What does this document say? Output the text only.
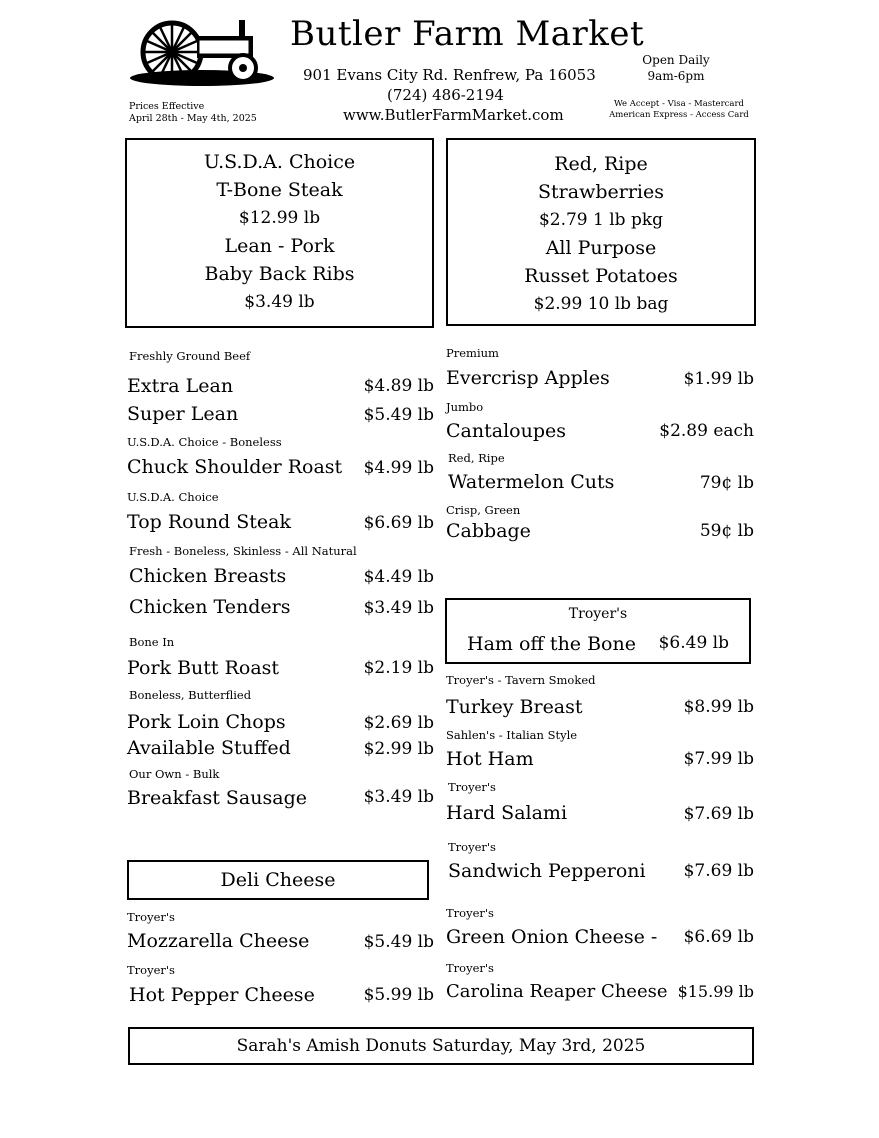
Butler Farm Market
901 Evans City Rd. Renfrew, Pa 16053
(724) 486-2194
www.ButlerFarmMarket.com
Open Daily
9am-6pm
We Accept - Visa - Mastercard
American Express - Access Card
Prices Effective
April 28th - May 4th, 2025
U.S.D.A. Choice
T-Bone Steak
$12.99 lb
Lean - Pork
Baby Back Ribs
$3.49 lb
Red, Ripe
Strawberries
$2.79 1 lb pkg
All Purpose
Russet Potatoes
$2.99 10 lb bag
Freshly Ground Beef
Extra Lean	$4.89 lb
Super Lean	$5.49 lb
U.S.D.A. Choice - Boneless
Chuck Shoulder Roast	$4.99 lb
U.S.D.A. Choice
Top Round Steak	$6.69 lb
Fresh - Boneless, Skinless - All Natural
Chicken Breasts	$4.49 lb
Chicken Tenders	$3.49 lb
Bone In
Pork Butt Roast	$2.19 lb
Boneless, Butterflied
Pork Loin Chops	$2.69 lb
Available Stuffed	$2.99 lb
Our Own - Bulk
Breakfast Sausage	$3.49 lb
Premium
Evercrisp Apples	$1.99 lb
Jumbo
Cantaloupes	$2.89 each
Red, Ripe
Watermelon Cuts	79¢ lb
Crisp, Green
Cabbage	59¢ lb
Troyer's
Ham off the Bone	$6.49 lb
Troyer's - Tavern Smoked
Turkey Breast	$8.99 lb
Sahlen's - Italian Style
Hot Ham	$7.99 lb
Troyer's
Hard Salami	$7.69 lb
Troyer's
Sandwich Pepperoni	$7.69 lb
Troyer's
Green Onion Cheese -	$6.69 lb
Troyer's
Carolina Reaper Cheese $15.99 lb
Deli Cheese
Troyer's
Mozzarella Cheese	$5.49 lb
Troyer's
Hot Pepper Cheese	$5.99 lb
Sarah's Amish Donuts Saturday, May 3rd, 2025
